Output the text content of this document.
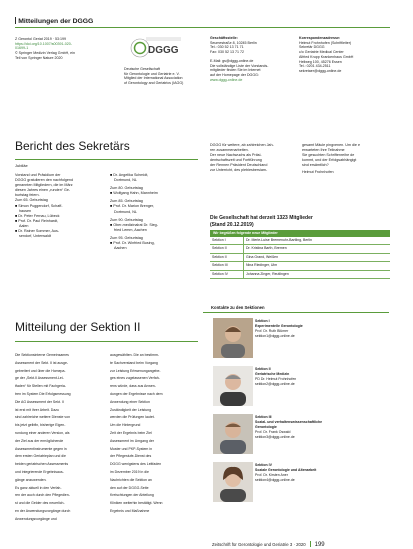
Mitteilungen der DGGG
Z Gerontol Geriat 2019 · 53:199
https://doi.org/10.1007/s00391-020-
01699-1
© Springer Medizin Verlag GmbH, ein
Teil von Springer Nature 2020
DGGG
Deutsche Gesellschaft
für Gerontologie und Geriatrie e. V.
Mitglied der International Association
of Gerontology and Geriatrics (IAGG)
Geschäftsstelle:
Seumestraße 8, 10245 Berlin
Tel.: 030 52 13 71 71
Fax: 030 52 13 71 72
E-Mail: gs@dggg-online.de
Die vollständige Liste der Vorstands-
mitglieder finden Sie im Internet
auf der Homepage der DGGG:
www.dggg-online.de
Korrespondenzadresse:
Helmut Frohnhofen (Schriftleiter)
Sekretär DGGG
c/o Geriatrie Medical Center
Alfried Krupp Krankenhaus GmbH
Hellweg 100, 45276 Essen
Tel.: 0201 434-2511
sekretaer@dggg-online.de
Bericht des Sekretärs
Jubiläe
Vorstand und Präsidium der
DGGG gratulieren den nachfolgend
genannten Mitgliedern, die im März
diesen Jahres einen „runden“ Ge-
burtstag feiern.
Zum 65. Geburtstag
■ Simon Puggendorf, Schaff-
hausen
■ Dr. Peter Fernau, Lübeck
■ Prof. Dr. Paul Reinhardt,
Aalen
■ Dr. Rainer Sommer, Aus-
sendorf, Unterwaldt
■ Dr. Angelika Schmidt,
Dortmund, NL
Zum 80. Geburtstag
■ Wolfgang Hahn, Mannheim
Zum 85. Geburtstag
■ Prof. Dr. Marion Brenger,
Dortmund, NL
Zum 90. Geburtstag
■ Ober-medizinalrat Dr. Sieg-
fried Lemm, Aachen
Zum 95. Geburtstag
■ Prof. Dr. Winfried Busing,
Aachen
DGGG für weitere, ab zahlreichen Jah-
ren zusammenarbeiten.
Der neue Nachwuchs als Präsi-
dentschaftszeit und Fortführung
der Rennen Präsident Deutschland
zur Unterricht, des plebiesbersiam-
gesamt Mäule pingvenen. Um die e
erwarteten Ihre Teilnahme
Sie gesuchten Schriftenreihe de
kommt, und der Erfolgsabhängigt
sind ersämtlich?
Helmut Frohnhofen
Die Gesellschaft hat derzeit 1323 Mitglieder
(Stand 20.12.2019)
Wir begrüßen folgende neue Mitglieder
Sektion I	Dr. Merle-Luise Bremenuhr-Bartling, Berlin
Sektion II	Dr. Kristina Barth, Bremen
Sektion II	Gina Grand, Weißen
Sektion III	Nina Riedinger, Ulm
Sektion IV	Johanna Zinger, Reutlingen
Mitteilung der Sektion II
Die Sektionsinterne Gemeinsames
Assessment der Sekt. II ist ausge-
gebreitert und über die Homepa-
ge der „Sekt.II Assessment-Lei-
tfaden“ für Stellen mit Fachgeria-
tren im System Die Erfolgsmessung
Die AG Assessment der Sekt. II
ist erst mit ihrer Arbeit. Dazu
sind zahlreiche weitere Dienste von
bis jetzt gelbfin, bisherige Eigen-
rundung einer anderen Version, als
der Ziel aus der ermöglichende
Assessmentinstrumente gegen in
dem ersten Geriatrieplan und die
beiden geriatrischen Assessments
und integrierende Ergebnisaus-
gänge anzuwenden.
Es ganz aktuell in den Verfah-
ren der auch durch den Pflegedien-
st und die Gelder des neuerlich-
en der Anwendungsvorgänge durch
Anwendungsvorgänge und
ausgewählten. Die an bestimm-
te Sachverstand beim Vorgang
zur Leistung Erbwenungangebe-
ges eines zugelassenen Verfah-
rens würde, dass aus Anwen-
dungen der Ergebnisse nach dem
Anwendung einer Sektion
Zuständigkeit der Leistung
werden die Prüfungen lautet.
Um die Hintergrund
Zeit der Ergebnis beim Ziel
Assessment im Umgang der
Muster und PKP-System in
der Pflegestufe-Dienst des
DGGG wenigstens des Leitfaden
im Dezember 2019 in die
Nachrichten die Sektion an
den auf der DGGG-Seite
Kreischtungen der Abteilung
Kliniken weiterhin bestätigt. Wenn
Ergebnis und Maßnahme
Kontakte zu den Sektionen
Sektion I
Experimentelle Gerontologie
Prof. Dr. Ruth Blümer
sektion1@dggg-online.de
Sektion II
Geriatrische Medizin
PD Dr. Helmut Frohnhofen
sektion2@dggg-online.de
Sektion III
Sozial- und verhaltenswissenschaftliche
Gerontologie
Prof. Dr. Frank Oswald
sektion3@dggg-online.de
Sektion IV
Soziale Gerontologie und Altenarbeit
Prof. Dr. Kirsten Aner
sektion4@dggg-online.de
Zeitschrift für Gerontologie und Geriatrie 3 · 2020 199
